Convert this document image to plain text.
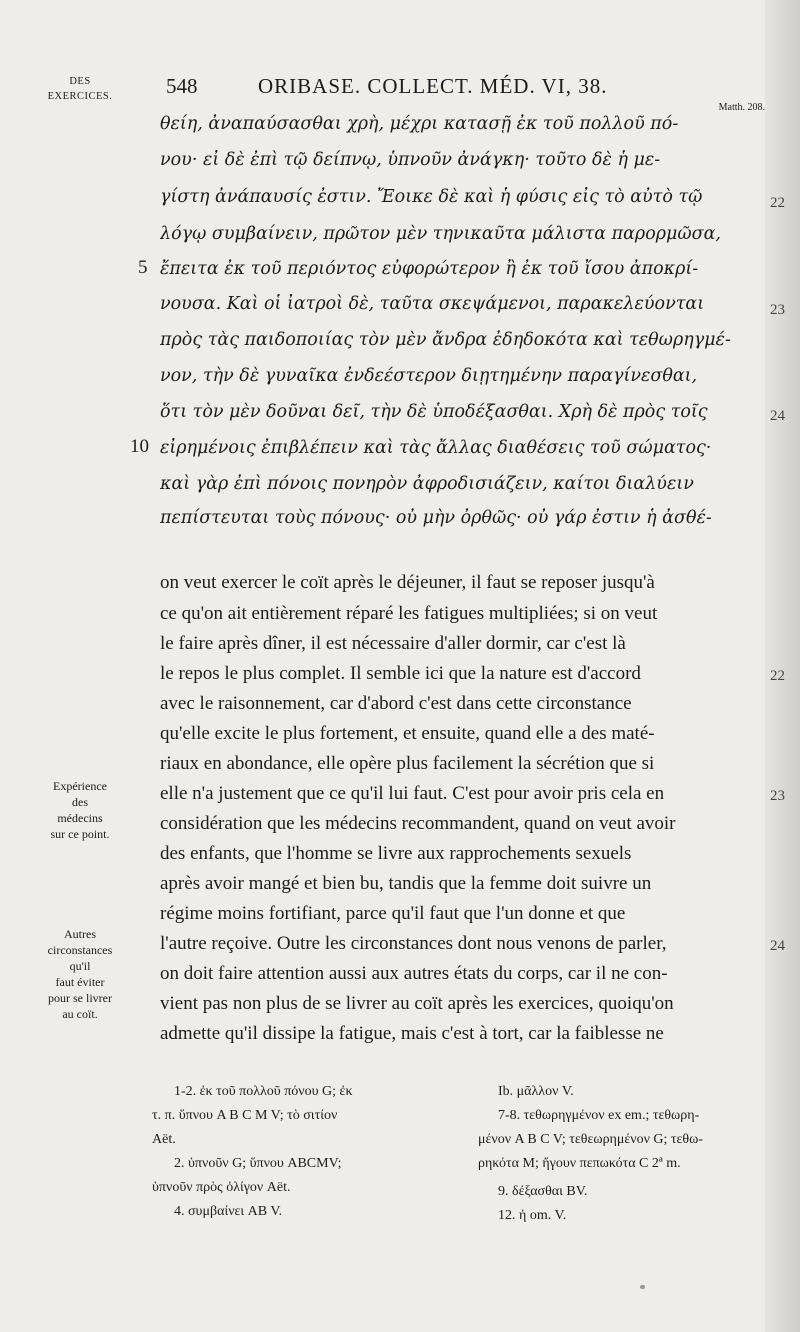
DES
EXERCICES.	548	ORIBASE. COLLECT. MÉD. VI, 38.
Matth. 208.
θείη, ἀναπαύσασθαι χρὴ, μέχρι κατασῇ ἐκ τοῦ πολλοῦ πό-
νου· εἰ δὲ ἐπὶ τῷ δείπνῳ, ὑπνοῦν ἀνάγκη· τοῦτο δὲ ἡ με-
γίστη ἀνάπαυσίς ἐστιν. Ἔοικε δὲ καὶ ἡ φύσις εἰς τὸ αὐτὸ τῷ
λόγῳ συμβαίνειν, πρῶτον μὲν τηνικαῦτα μάλιστα παρορμῶσα,
ἔπειτα ἐκ τοῦ περιόντος εὐφορώτερον ἢ ἐκ τοῦ ἴσου ἀποκρί-
νουσα. Καὶ οἱ ἰατροὶ δὲ, ταῦτα σκεψάμενοι, παρακελεύονται
πρὸς τὰς παιδοποιίας τὸν μὲν ἄνδρα ἐδηδοκότα καὶ τεθωρηγμέ-
νον, τὴν δὲ γυναῖκα ἐνδεέστερον διῃτημένην παραγίνεσθαι,
ὅτι τὸν μὲν δοῦναι δεῖ, τὴν δὲ ὑποδέξασθαι. Χρὴ δὲ πρὸς τοῖς
εἰρημένοις ἐπιβλέπειν καὶ τὰς ἄλλας διαθέσεις τοῦ σώματος·
καὶ γὰρ ἐπὶ πόνοις πονηρὸν ἀφροδισιάζειν, καίτοι διαλύειν
πεπίστευται τοὺς πόνους· οὐ μὴν ὀρθῶς· οὐ γάρ ἐστιν ἡ ἀσθέ-
5
10
22
23
24
on veut exercer le coït après le déjeuner, il faut se reposer jusqu'à
ce qu'on ait entièrement réparé les fatigues multipliées; si on veut
le faire après dîner, il est nécessaire d'aller dormir, car c'est là
le repos le plus complet. Il semble ici que la nature est d'accord
avec le raisonnement, car d'abord c'est dans cette circonstance
qu'elle excite le plus fortement, et ensuite, quand elle a des maté-
riaux en abondance, elle opère plus facilement la sécrétion que si
elle n'a justement que ce qu'il lui faut. C'est pour avoir pris cela en
considération que les médecins recommandent, quand on veut avoir
des enfants, que l'homme se livre aux rapprochements sexuels
après avoir mangé et bien bu, tandis que la femme doit suivre un
régime moins fortifiant, parce qu'il faut que l'un donne et que
l'autre reçoive. Outre les circonstances dont nous venons de parler,
on doit faire attention aussi aux autres états du corps, car il ne con-
vient pas non plus de se livrer au coït après les exercices, quoiqu'on
admette qu'il dissipe la fatigue, mais c'est à tort, car la faiblesse ne
22
23
24
Expérience
des
médecins
sur ce point.
Autres
circonstances
qu'il
faut éviter
pour se livrer
au coït.
1-2. ἐκ τοῦ πολλοῦ πόνου G; ἐκ
τ. π. ὕπνου A B C M V; τὸ σιτίον
Aët.
2. ὑπνοῦν G; ὕπνου ABCMV;
ὑπνοῦν πρὸς ὀλίγον Aët.
4. συμβαίνει AB V.
Ib. μᾶλλον V.
7-8. τεθωρηγμένον ex em.; τεθωρη-
μένον A B C V; τεθεωρημένον G; τεθω-
ρηκότα M; ἤγουν πεπωκότα C 2ª m.
9. δέξασθαι BV.
12. ἡ om. V.
